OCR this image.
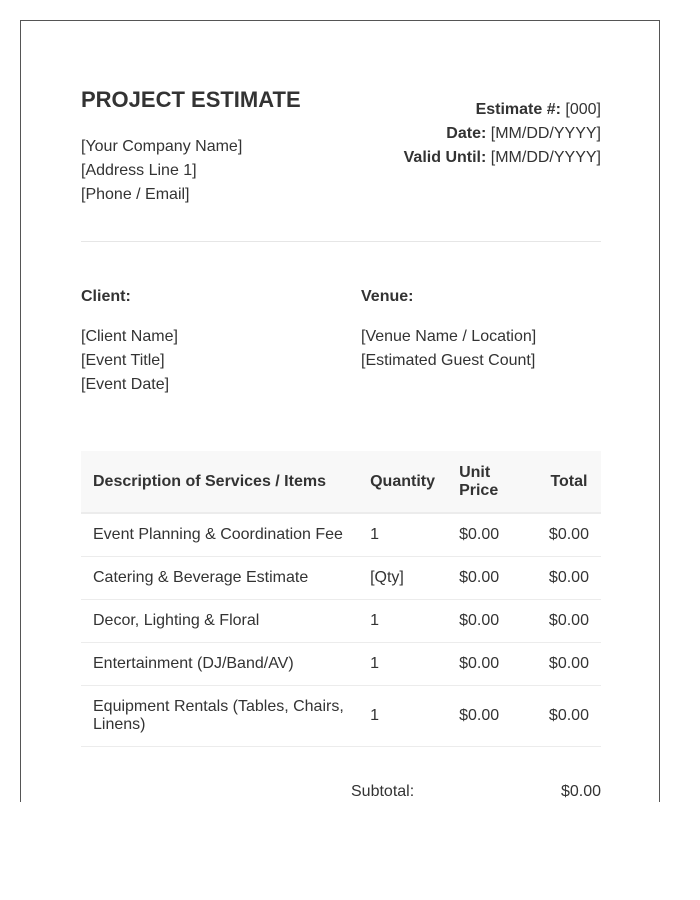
PROJECT ESTIMATE
[Your Company Name]
[Address Line 1]
[Phone / Email]
Estimate #: [000]
Date: [MM/DD/YYYY]
Valid Until: [MM/DD/YYYY]
Client:
[Client Name]
[Event Title]
[Event Date]
Venue:
[Venue Name / Location]
[Estimated Guest Count]
Description of Services / Items	Quantity	Unit Price	Total
Event Planning & Coordination Fee	1	$0.00	$0.00
Catering & Beverage Estimate	[Qty]	$0.00	$0.00
Decor, Lighting & Floral	1	$0.00	$0.00
Entertainment (DJ/Band/AV)	1	$0.00	$0.00
Equipment Rentals (Tables, Chairs, Linens)	1	$0.00	$0.00
Subtotal:	$0.00
